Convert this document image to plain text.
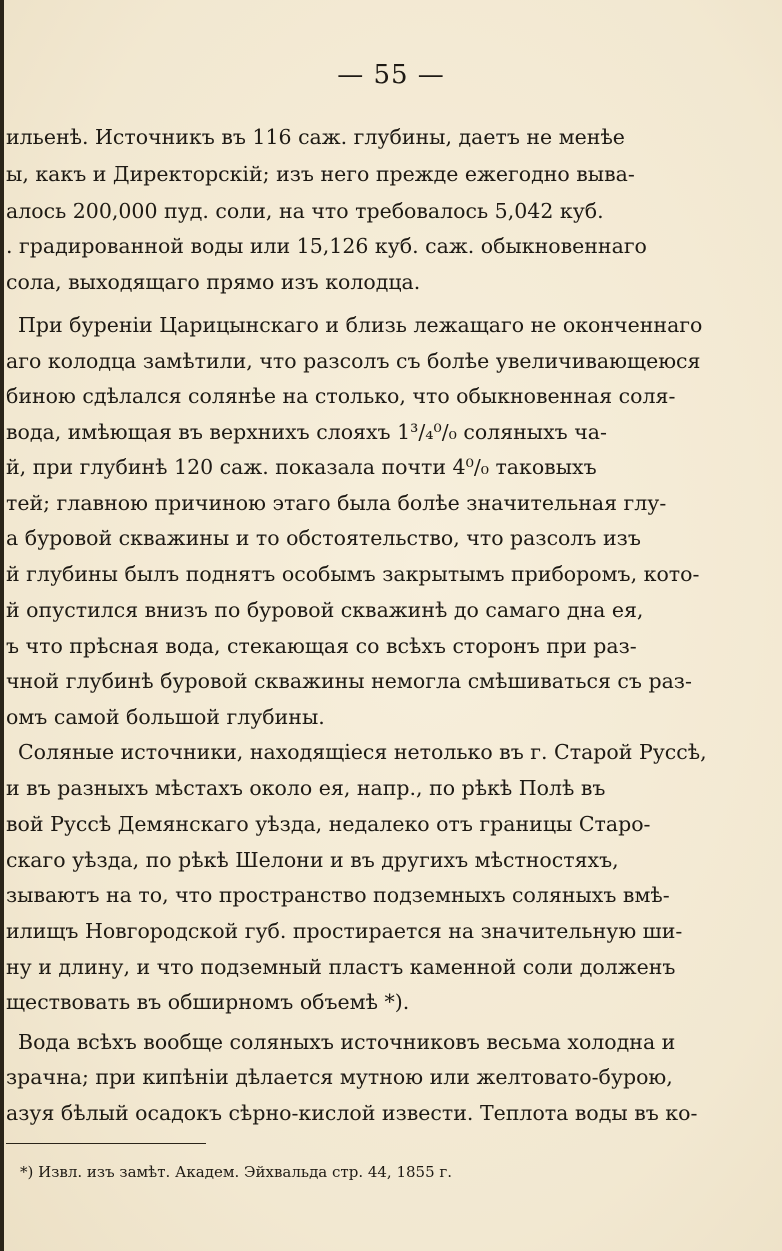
— 55 —
ильенѣ. Источникъ въ 116 саж. глубины, даетъ не менѣе
ы, какъ и Директорскій; изъ него прежде ежегодно выва-
алось 200,000 пуд. соли, на что требовалось 5,042 куб.
. градированной воды или 15,126 куб. саж. обыкновеннаго
сола, выходящаго прямо изъ колодца.
При буреніи Царицынскаго и близь лежащаго не оконченнаго
аго колодца замѣтили, что разсолъ съ болѣе увеличивающеюся
биною сдѣлался солянѣе на столько, что обыкновенная соля-
вода, имѣющая въ верхнихъ слояхъ 1³/₄⁰/₀ соляныхъ ча-
й, при глубинѣ 120 саж. показала почти 4⁰/₀ таковыхъ
тей; главною причиною этаго была болѣе значительная глу-
а буровой скважины и то обстоятельство, что разсолъ изъ
й глубины былъ поднятъ особымъ закрытымъ приборомъ, кото-
й опустился внизъ по буровой скважинѣ до самаго дна ея,
ъ что прѣсная вода, стекающая со всѣхъ сторонъ при раз-
чной глубинѣ буровой скважины немогла смѣшиваться съ раз-
омъ самой большой глубины.
Соляные источники, находящіеся нетолько въ г. Старой Руссѣ,
и въ разныхъ мѣстахъ около ея, напр., по рѣкѣ Полѣ въ
вой Руссѣ Демянскаго уѣзда, недалеко отъ границы Старо-
скаго уѣзда, по рѣкѣ Шелони и въ другихъ мѣстностяхъ,
зываютъ на то, что пространство подземныхъ соляныхъ вмѣ-
илищъ Новгородской губ. простирается на значительную ши-
ну и длину, и что подземный пластъ каменной соли долженъ
ществовать въ обширномъ объемѣ *).
Вода всѣхъ вообще соляныхъ источниковъ весьма холодна и
зрачна; при кипѣніи дѣлается мутною или желтовато-бурою,
азуя бѣлый осадокъ сѣрно-кислой извести. Теплота воды въ ко-
*) Извл. изъ замѣт. Академ. Эйхвальда стр. 44, 1855 г.
